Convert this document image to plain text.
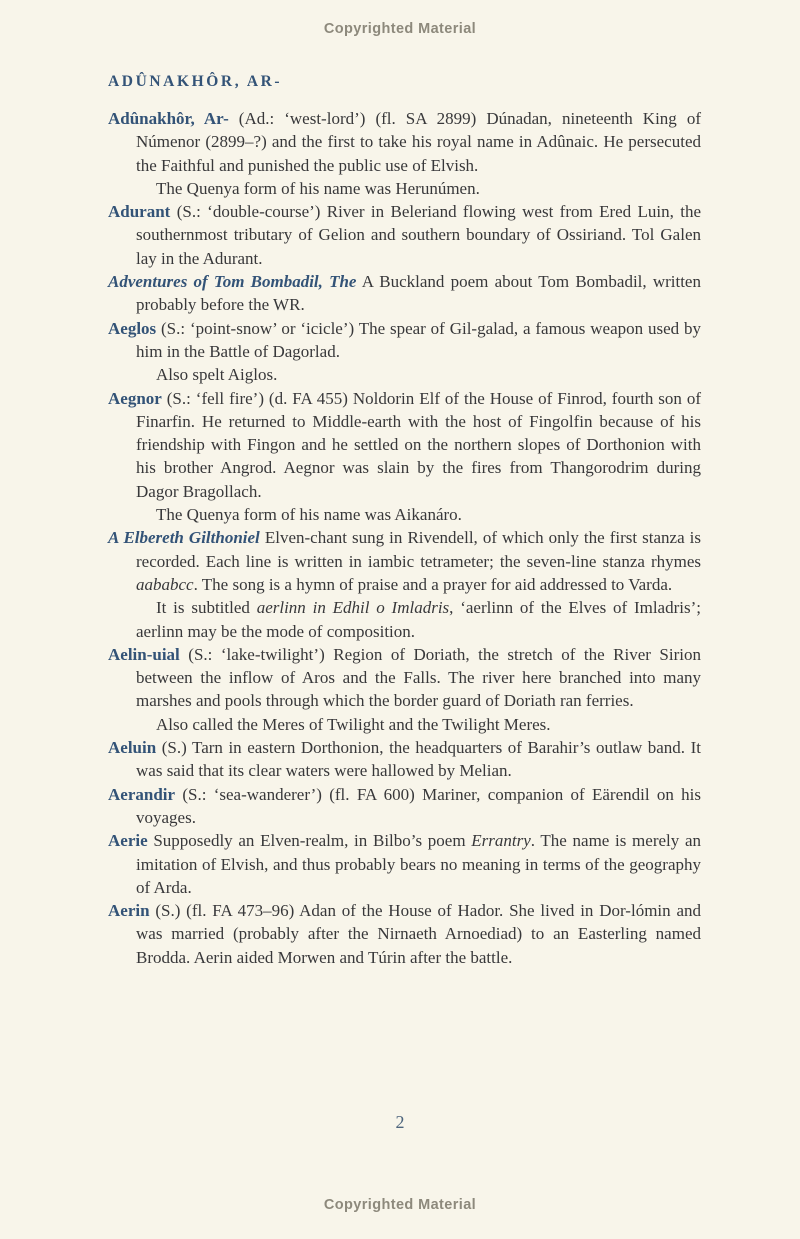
Copyrighted Material
ADÛNAKHÔR, AR-

Adûnakhôr, Ar- (Ad.: ‘west-lord’) (fl. SA 2899) Dúnadan, nineteenth King of Númenor (2899–?) and the first to take his royal name in Adûnaic. He persecuted the Faithful and punished the public use of Elvish.

The Quenya form of his name was Herunúmen.

Adurant (S.: ‘double-course’) River in Beleriand flowing west from Ered Luin, the southernmost tributary of Gelion and southern boundary of Ossiriand. Tol Galen lay in the Adurant.

Adventures of Tom Bombadil, The A Buckland poem about Tom Bombadil, written probably before the WR.

Aeglos (S.: ‘point-snow’ or ‘icicle’) The spear of Gil-galad, a famous weapon used by him in the Battle of Dagorlad.

Also spelt Aiglos.

Aegnor (S.: ‘fell fire’) (d. FA 455) Noldorin Elf of the House of Finrod, fourth son of Finarfin. He returned to Middle-earth with the host of Fingolfin because of his friendship with Fingon and he settled on the northern slopes of Dorthonion with his brother Angrod. Aegnor was slain by the fires from Thangorodrim during Dagor Bragollach.

The Quenya form of his name was Aikanáro.

A Elbereth Gilthoniel Elven-chant sung in Rivendell, of which only the first stanza is recorded. Each line is written in iambic tetrameter; the seven-line stanza rhymes aababcc. The song is a hymn of praise and a prayer for aid addressed to Varda.

It is subtitled aerlinn in Edhil o Imladris, ‘aerlinn of the Elves of Imladris’; aerlinn may be the mode of composition.

Aelin-uial (S.: ‘lake-twilight’) Region of Doriath, the stretch of the River Sirion between the inflow of Aros and the Falls. The river here branched into many marshes and pools through which the border guard of Doriath ran ferries.

Also called the Meres of Twilight and the Twilight Meres.

Aeluin (S.) Tarn in eastern Dorthonion, the headquarters of Barahir’s outlaw band. It was said that its clear waters were hallowed by Melian.

Aerandir (S.: ‘sea-wanderer’) (fl. FA 600) Mariner, companion of Eärendil on his voyages.

Aerie Supposedly an Elven-realm, in Bilbo’s poem Errantry. The name is merely an imitation of Elvish, and thus probably bears no meaning in terms of the geography of Arda.

Aerin (S.) (fl. FA 473–96) Adan of the House of Hador. She lived in Dor-lómin and was married (probably after the Nirnaeth Arnoediad) to an Easterling named Brodda. Aerin aided Morwen and Túrin after the battle.

2
Copyrighted Material
